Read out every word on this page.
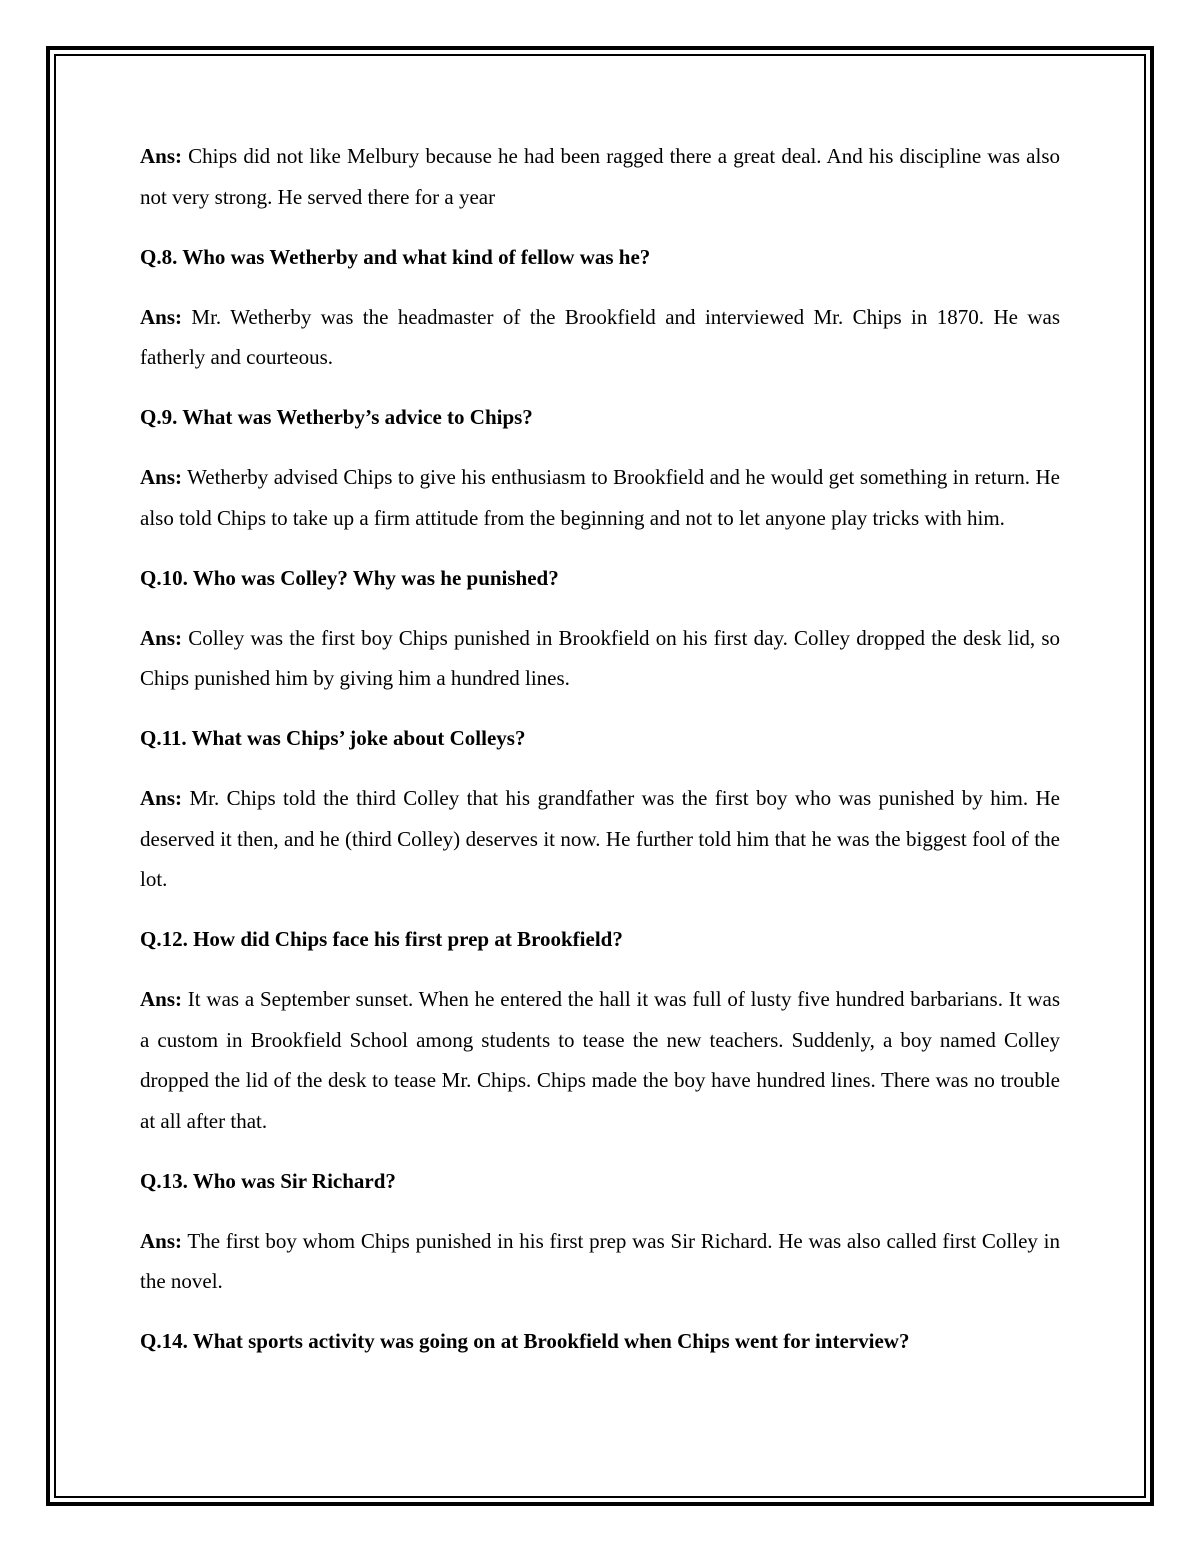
Ans: Chips did not like Melbury because he had been ragged there a great deal. And his discipline was also not very strong. He served there for a year

Q.8. Who was Wetherby and what kind of fellow was he?

Ans: Mr. Wetherby was the headmaster of the Brookfield and interviewed Mr. Chips in 1870. He was fatherly and courteous.

Q.9. What was Wetherby’s advice to Chips?

Ans: Wetherby advised Chips to give his enthusiasm to Brookfield and he would get something in return. He also told Chips to take up a firm attitude from the beginning and not to let anyone play tricks with him.

Q.10. Who was Colley? Why was he punished?

Ans: Colley was the first boy Chips punished in Brookfield on his first day. Colley dropped the desk lid, so Chips punished him by giving him a hundred lines.

Q.11. What was Chips’ joke about Colleys?

Ans: Mr. Chips told the third Colley that his grandfather was the first boy who was punished by him. He deserved it then, and he (third Colley) deserves it now. He further told him that he was the biggest fool of the lot.

Q.12. How did Chips face his first prep at Brookfield?

Ans: It was a September sunset. When he entered the hall it was full of lusty five hundred barbarians. It was a custom in Brookfield School among students to tease the new teachers. Suddenly, a boy named Colley dropped the lid of the desk to tease Mr. Chips. Chips made the boy have hundred lines. There was no trouble at all after that.

Q.13. Who was Sir Richard?

Ans: The first boy whom Chips punished in his first prep was Sir Richard. He was also called first Colley in the novel.

Q.14. What sports activity was going on at Brookfield when Chips went for interview?
